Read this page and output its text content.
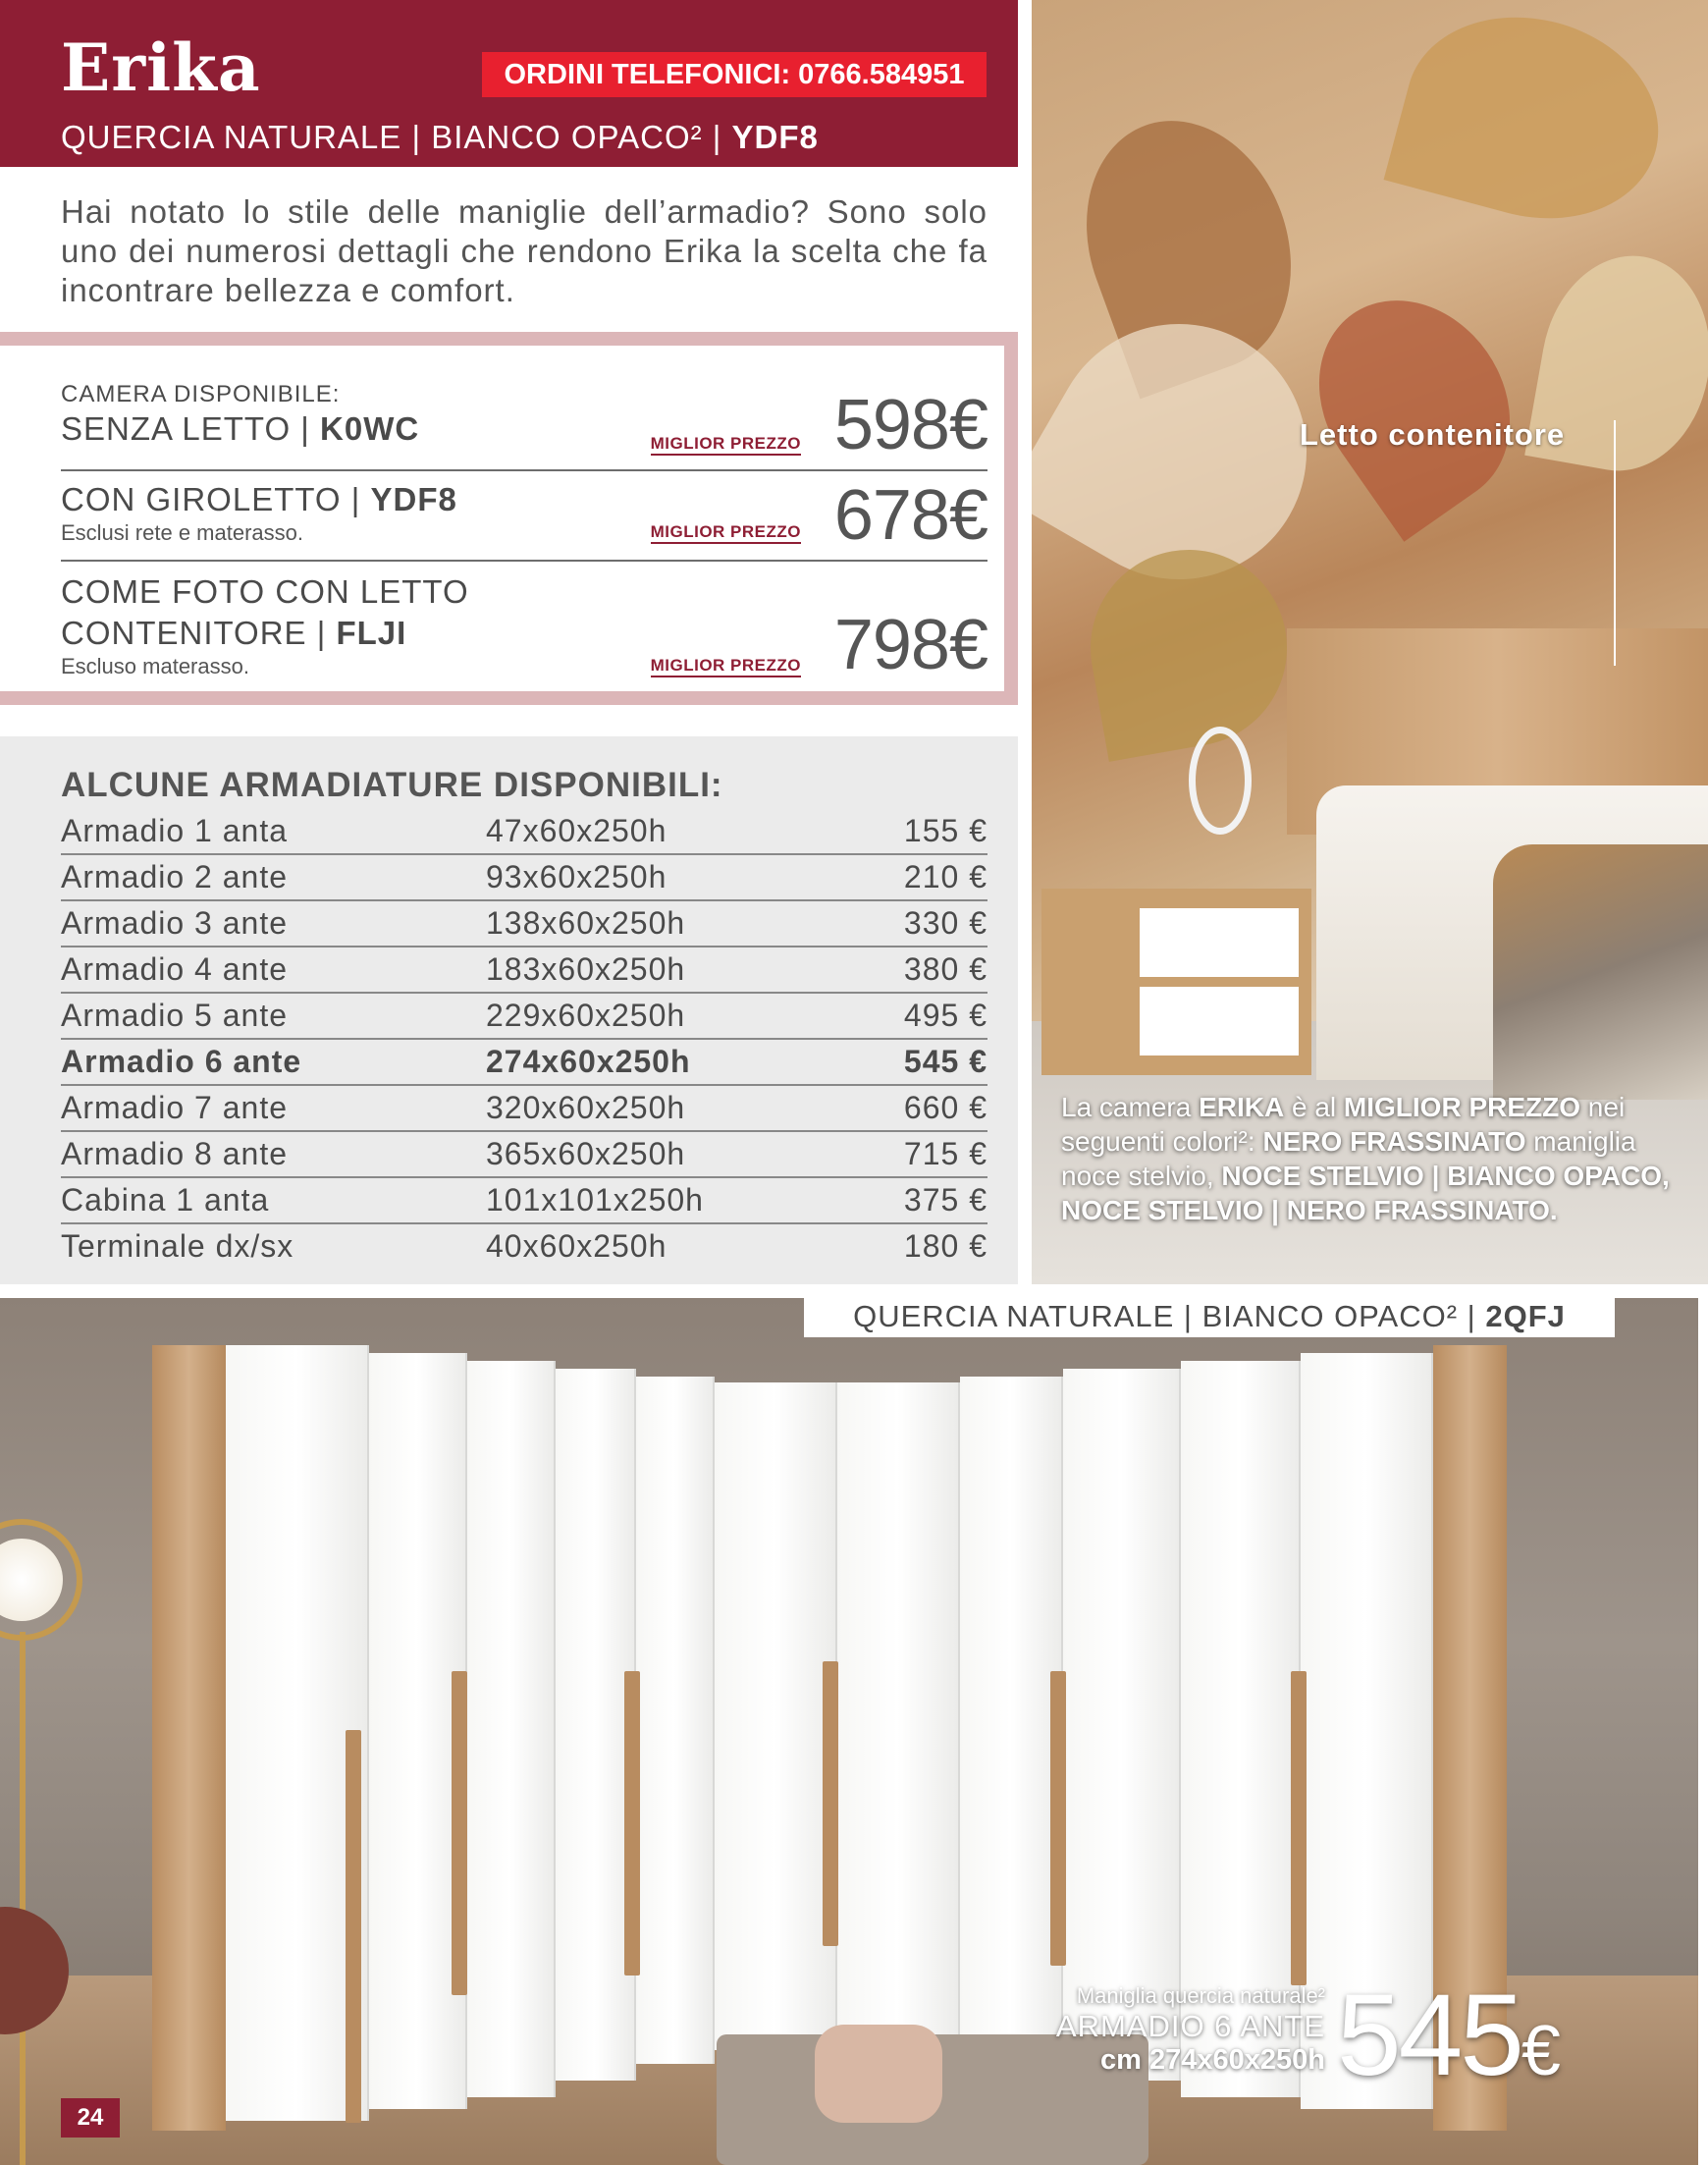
Erika	ORDINI TELEFONICI: 0766.584951
QUERCIA NATURALE | BIANCO OPACO² | YDF8

Hai notato lo stile delle maniglie dell’armadio? Sono solo uno dei numerosi dettagli che rendono Erika la scelta che fa incontrare bellezza e comfort.

CAMERA DISPONIBILE:
SENZA LETTO | K0WC	MIGLIOR PREZZO 598€
CON GIROLETTO | YDF8
Esclusi rete e materasso.	MIGLIOR PREZZO 678€
COME FOTO CON LETTO
CONTENITORE | FLJI
Escluso materasso.	MIGLIOR PREZZO 798€
ALCUNE ARMADIATURE DISPONIBILI:
Armadio 1 anta	47x60x250h	155 €
Armadio 2 ante	93x60x250h	210 €
Armadio 3 ante	138x60x250h	330 €
Armadio 4 ante	183x60x250h	380 €
Armadio 5 ante	229x60x250h	495 €
Armadio 6 ante	274x60x250h	545 €
Armadio 7 ante	320x60x250h	660 €
Armadio 8 ante	365x60x250h	715 €
Cabina 1 anta	101x101x250h	375 €
Terminale dx/sx	40x60x250h	180 €
Letto contenitore
La camera ERIKA è al MIGLIOR PREZZO nei seguenti colori²: NERO FRASSINATO maniglia noce stelvio, NOCE STELVIO | BIANCO OPACO, NOCE STELVIO | NERO FRASSINATO.
QUERCIA NATURALE | BIANCO OPACO² | 2QFJ
Maniglia quercia naturale²
ARMADIO 6 ANTE
cm 274x60x250h 545€
24
